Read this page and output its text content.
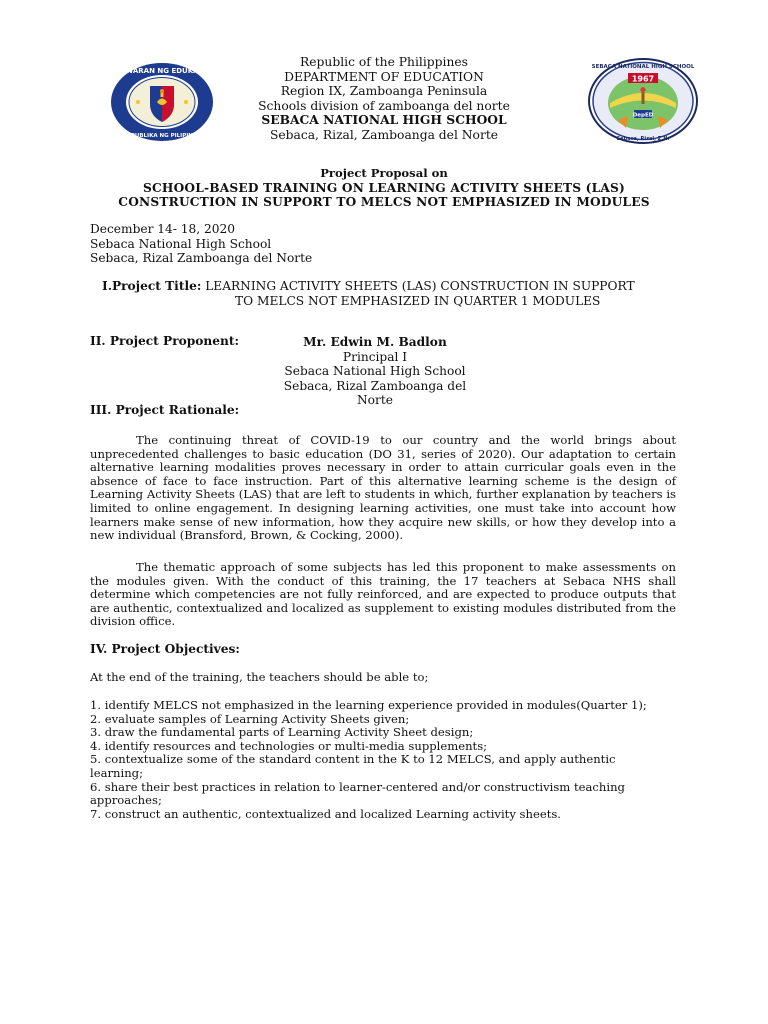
KAGAWARAN NG EDUKASYON
REPUBLIKA NG PILIPINAS
1967
DepED
SEBACA NATIONAL HIGH SCHOOL
Sebaca, Rizal, Z.N.
Republic of the Philippines
DEPARTMENT OF EDUCATION
Region IX, Zamboanga Peninsula
Schools division of zamboanga del norte
SEBACA NATIONAL HIGH SCHOOL
Sebaca, Rizal, Zamboanga del Norte
Project Proposal on
SCHOOL-BASED TRAINING ON LEARNING ACTIVITY SHEETS (LAS)
CONSTRUCTION IN SUPPORT TO MELCS NOT EMPHASIZED IN MODULES
December 14- 18, 2020
Sebaca National High School
Sebaca, Rizal Zamboanga del Norte
I.Project Title: LEARNING ACTIVITY SHEETS (LAS) CONSTRUCTION IN SUPPORT
TO MELCS NOT EMPHASIZED IN QUARTER 1 MODULES
II. Project Proponent:	Mr. Edwin M. Badlon
Principal I
Sebaca National High School
Sebaca, Rizal Zamboanga del Norte
III. Project Rationale:
The continuing threat of COVID-19 to our country and the world brings about unprecedented challenges to basic education (DO 31, series of 2020). Our adaptation to certain alternative learning modalities proves necessary in order to attain curricular goals even in the absence of face to face instruction. Part of this alternative learning scheme is the design of Learning Activity Sheets (LAS) that are left to students in which, further explanation by teachers is limited to online engagement. In designing learning activities, one must take into account how learners make sense of new information, how they acquire new skills, or how they develop into a new individual (Bransford, Brown, & Cocking, 2000).
The thematic approach of some subjects has led this proponent to make assessments on the modules given. With the conduct of this training, the 17 teachers at Sebaca NHS shall determine which competencies are not fully reinforced, and are expected to produce outputs that are authentic, contextualized and localized as supplement to existing modules distributed from the division office.
IV. Project Objectives:
At the end of the training, the teachers should be able to;
1. identify MELCS not emphasized in the learning experience provided in modules(Quarter 1);
2. evaluate samples of Learning Activity Sheets given;
3. draw the fundamental parts of Learning Activity Sheet design;
4. identify resources and technologies or multi-media supplements;
5. contextualize some of the standard content in the K to 12 MELCS, and apply authentic learning;
6. share their best practices in relation to learner-centered and/or constructivism teaching approaches;
7. construct an authentic, contextualized and localized Learning activity sheets.
